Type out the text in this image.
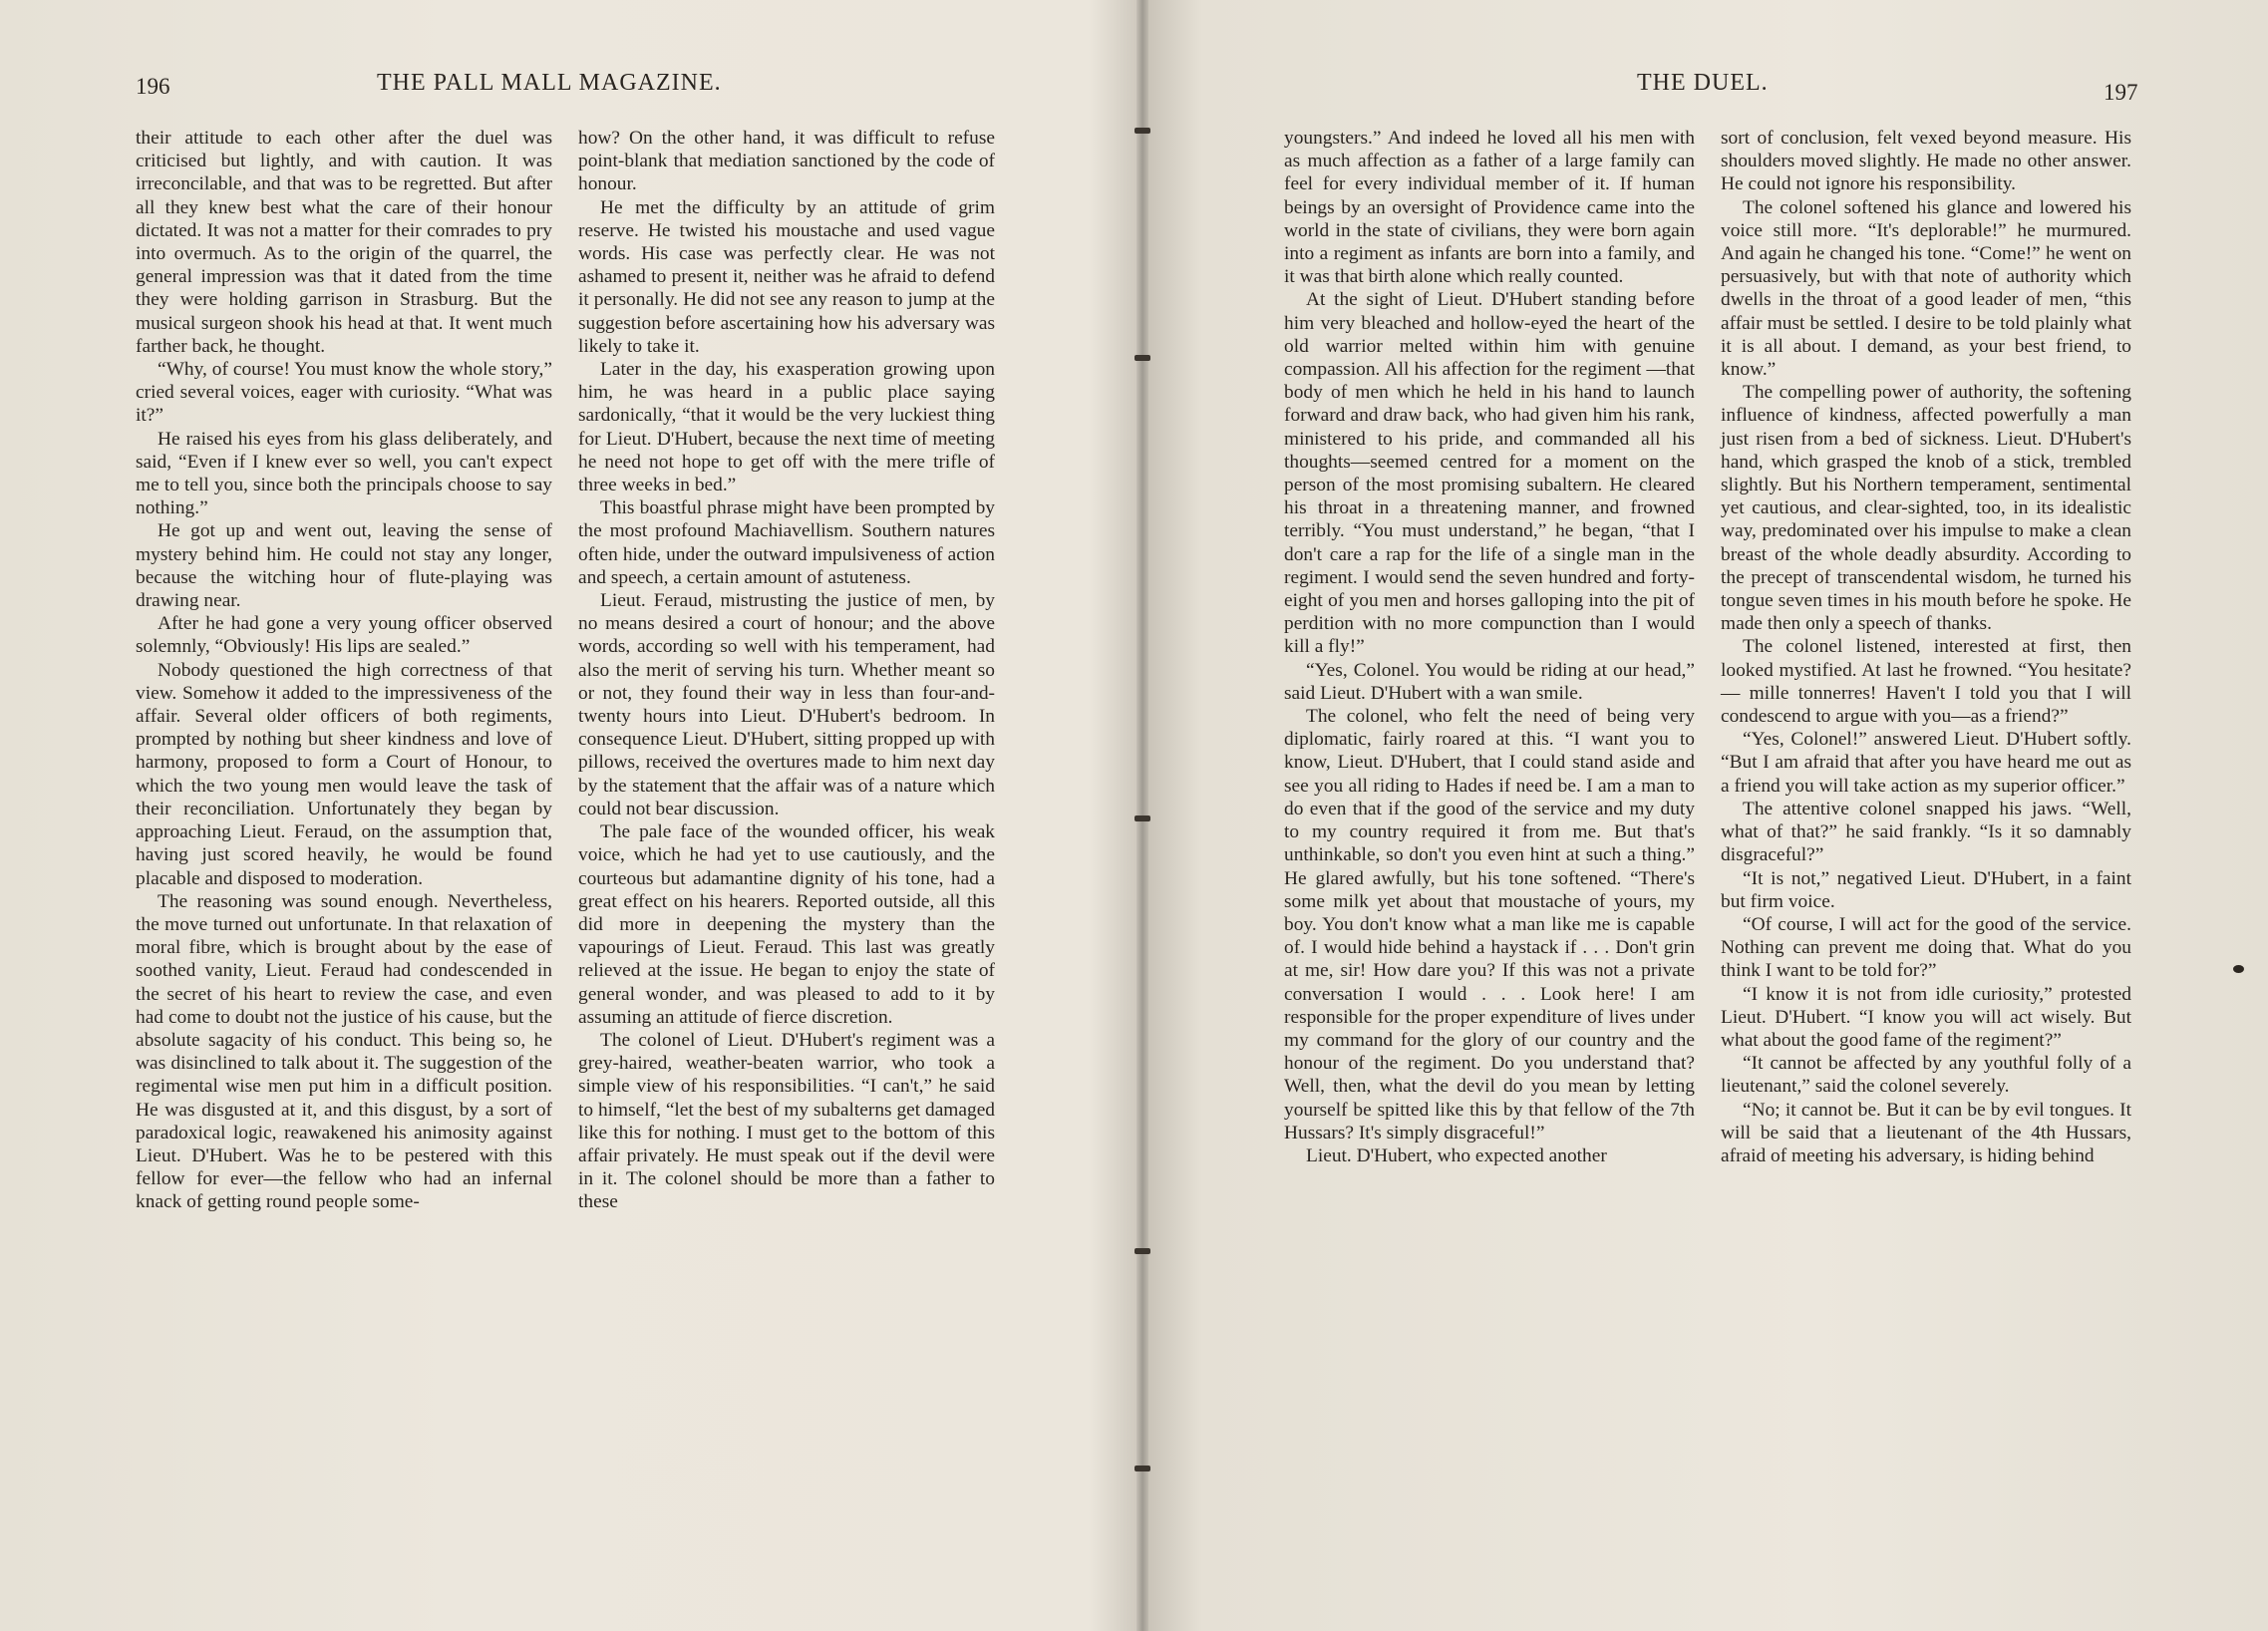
196	THE PALL MALL MAGAZINE.

their attitude to each other after the duel was criticised but lightly, and with caution. It was irreconcilable, and that was to be regretted. But after all they knew best what the care of their honour dictated. It was not a matter for their comrades to pry into overmuch. As to the origin of the quarrel, the general impression was that it dated from the time they were holding garrison in Strasburg. But the musical surgeon shook his head at that. It went much farther back, he thought.

“Why, of course! You must know the whole story,” cried several voices, eager with curiosity. “What was it?”

He raised his eyes from his glass deliberately, and said, “Even if I knew ever so well, you can't expect me to tell you, since both the principals choose to say nothing.”

He got up and went out, leaving the sense of mystery behind him. He could not stay any longer, because the witching hour of flute-playing was drawing near.

After he had gone a very young officer observed solemnly, “Obviously! His lips are sealed.”

Nobody questioned the high correctness of that view. Somehow it added to the impressiveness of the affair. Several older officers of both regiments, prompted by nothing but sheer kindness and love of harmony, proposed to form a Court of Honour, to which the two young men would leave the task of their reconciliation. Unfortunately they began by approaching Lieut. Feraud, on the assumption that, having just scored heavily, he would be found placable and disposed to moderation.

The reasoning was sound enough. Nevertheless, the move turned out unfortunate. In that relaxation of moral fibre, which is brought about by the ease of soothed vanity, Lieut. Feraud had condescended in the secret of his heart to review the case, and even had come to doubt not the justice of his cause, but the absolute sagacity of his conduct. This being so, he was disinclined to talk about it. The suggestion of the regimental wise men put him in a difficult position. He was disgusted at it, and this disgust, by a sort of paradoxical logic, reawakened his animosity against Lieut. D'Hubert. Was he to be pestered with this fellow for ever—the fellow who had an infernal knack of getting round people some-

how? On the other hand, it was difficult to refuse point-blank that mediation sanctioned by the code of honour.

He met the difficulty by an attitude of grim reserve. He twisted his moustache and used vague words. His case was perfectly clear. He was not ashamed to present it, neither was he afraid to defend it personally. He did not see any reason to jump at the suggestion before ascertaining how his adversary was likely to take it.

Later in the day, his exasperation growing upon him, he was heard in a public place saying sardonically, “that it would be the very luckiest thing for Lieut. D'Hubert, because the next time of meeting he need not hope to get off with the mere trifle of three weeks in bed.”

This boastful phrase might have been prompted by the most profound Machiavellism. Southern natures often hide, under the outward impulsiveness of action and speech, a certain amount of astuteness.

Lieut. Feraud, mistrusting the justice of men, by no means desired a court of honour; and the above words, according so well with his temperament, had also the merit of serving his turn. Whether meant so or not, they found their way in less than four-and-twenty hours into Lieut. D'Hubert's bedroom. In consequence Lieut. D'Hubert, sitting propped up with pillows, received the overtures made to him next day by the statement that the affair was of a nature which could not bear discussion.

The pale face of the wounded officer, his weak voice, which he had yet to use cautiously, and the courteous but adamantine dignity of his tone, had a great effect on his hearers. Reported outside, all this did more in deepening the mystery than the vapourings of Lieut. Feraud. This last was greatly relieved at the issue. He began to enjoy the state of general wonder, and was pleased to add to it by assuming an attitude of fierce discretion.

The colonel of Lieut. D'Hubert's regiment was a grey-haired, weather-beaten warrior, who took a simple view of his responsibilities. “I can't,” he said to himself, “let the best of my subalterns get damaged like this for nothing. I must get to the bottom of this affair privately. He must speak out if the devil were in it. The colonel should be more than a father to these

THE DUEL.	197

youngsters.” And indeed he loved all his men with as much affection as a father of a large family can feel for every individual member of it. If human beings by an oversight of Providence came into the world in the state of civilians, they were born again into a regiment as infants are born into a family, and it was that birth alone which really counted.

At the sight of Lieut. D'Hubert standing before him very bleached and hollow-eyed the heart of the old warrior melted within him with genuine compassion. All his affection for the regiment —that body of men which he held in his hand to launch forward and draw back, who had given him his rank, ministered to his pride, and commanded all his thoughts—seemed centred for a moment on the person of the most promising subaltern. He cleared his throat in a threatening manner, and frowned terribly. “You must understand,” he began, “that I don't care a rap for the life of a single man in the regiment. I would send the seven hundred and forty-eight of you men and horses galloping into the pit of perdition with no more compunction than I would kill a fly!”

“Yes, Colonel. You would be riding at our head,” said Lieut. D'Hubert with a wan smile.

The colonel, who felt the need of being very diplomatic, fairly roared at this. “I want you to know, Lieut. D'Hubert, that I could stand aside and see you all riding to Hades if need be. I am a man to do even that if the good of the service and my duty to my country required it from me. But that's unthinkable, so don't you even hint at such a thing.” He glared awfully, but his tone softened. “There's some milk yet about that moustache of yours, my boy. You don't know what a man like me is capable of. I would hide behind a haystack if . . . Don't grin at me, sir! How dare you? If this was not a private conversation I would . . . Look here! I am responsible for the proper expenditure of lives under my command for the glory of our country and the honour of the regiment. Do you understand that? Well, then, what the devil do you mean by letting yourself be spitted like this by that fellow of the 7th Hussars? It's simply disgraceful!”

Lieut. D'Hubert, who expected another

sort of conclusion, felt vexed beyond measure. His shoulders moved slightly. He made no other answer. He could not ignore his responsibility.

The colonel softened his glance and lowered his voice still more. “It's deplorable!” he murmured. And again he changed his tone. “Come!” he went on persuasively, but with that note of authority which dwells in the throat of a good leader of men, “this affair must be settled. I desire to be told plainly what it is all about. I demand, as your best friend, to know.”

The compelling power of authority, the softening influence of kindness, affected powerfully a man just risen from a bed of sickness. Lieut. D'Hubert's hand, which grasped the knob of a stick, trembled slightly. But his Northern temperament, sentimental yet cautious, and clear-sighted, too, in its idealistic way, predominated over his impulse to make a clean breast of the whole deadly absurdity. According to the precept of transcendental wisdom, he turned his tongue seven times in his mouth before he spoke. He made then only a speech of thanks.

The colonel listened, interested at first, then looked mystified. At last he frowned. “You hesitate? — mille tonnerres! Haven't I told you that I will condescend to argue with you—as a friend?”

“Yes, Colonel!” answered Lieut. D'Hubert softly. “But I am afraid that after you have heard me out as a friend you will take action as my superior officer.”

The attentive colonel snapped his jaws. “Well, what of that?” he said frankly. “Is it so damnably disgraceful?”

“It is not,” negatived Lieut. D'Hubert, in a faint but firm voice.

“Of course, I will act for the good of the service. Nothing can prevent me doing that. What do you think I want to be told for?”

“I know it is not from idle curiosity,” protested Lieut. D'Hubert. “I know you will act wisely. But what about the good fame of the regiment?”

“It cannot be affected by any youthful folly of a lieutenant,” said the colonel severely.

“No; it cannot be. But it can be by evil tongues. It will be said that a lieutenant of the 4th Hussars, afraid of meeting his adversary, is hiding behind
